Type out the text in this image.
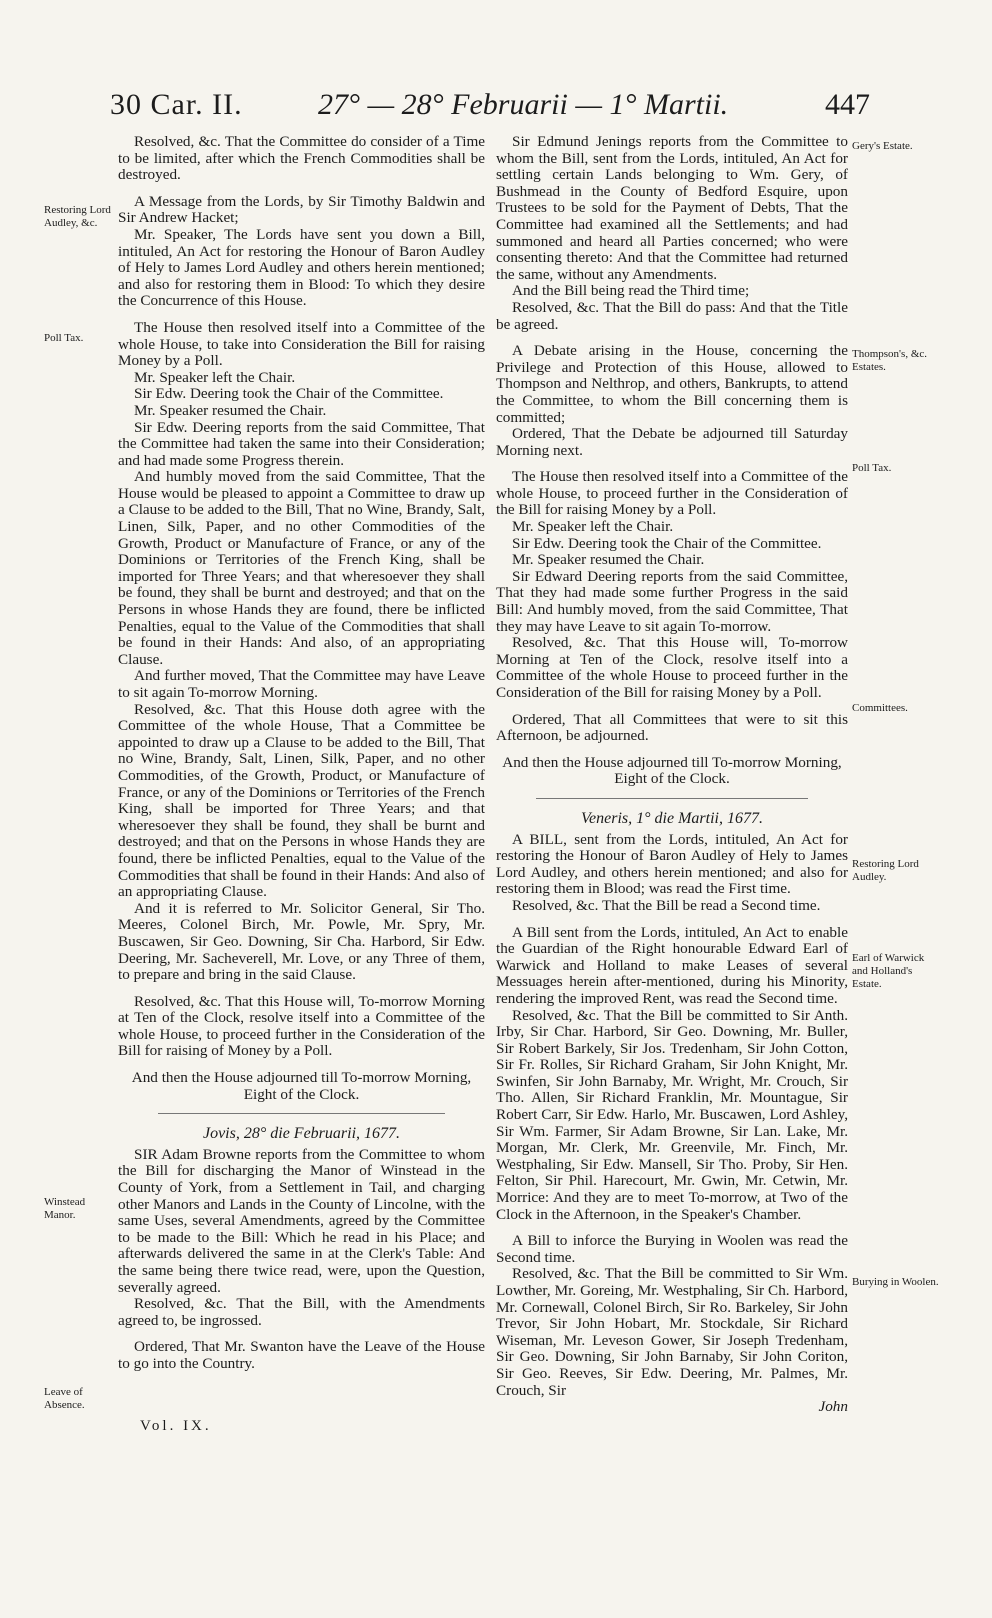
30 Car. II.	27° — 28° Februarii — 1° Martii.	447
Restoring Lord Audley, &c.
Poll Tax.
Winstead Manor.
Leave of Absence.
Gery's Estate.
Thompson's, &c. Estates.
Poll Tax.
Committees.
Restoring Lord Audley.
Earl of Warwick and Holland's Estate.
Burying in Woolen.

Resolved, &c. That the Committee do consider of a Time to be limited, after which the French Commodities shall be destroyed.

A Message from the Lords, by Sir Timothy Baldwin and Sir Andrew Hacket;

Mr. Speaker, The Lords have sent you down a Bill, intituled, An Act for restoring the Honour of Baron Audley of Hely to James Lord Audley and others herein mentioned; and also for restoring them in Blood: To which they desire the Concurrence of this House.

The House then resolved itself into a Committee of the whole House, to take into Consideration the Bill for raising Money by a Poll.

Mr. Speaker left the Chair.

Sir Edw. Deering took the Chair of the Committee.

Mr. Speaker resumed the Chair.

Sir Edw. Deering reports from the said Committee, That the Committee had taken the same into their Consideration; and had made some Progress therein.

And humbly moved from the said Committee, That the House would be pleased to appoint a Committee to draw up a Clause to be added to the Bill, That no Wine, Brandy, Salt, Linen, Silk, Paper, and no other Commodities of the Growth, Product or Manufacture of France, or any of the Dominions or Territories of the French King, shall be imported for Three Years; and that wheresoever they shall be found, they shall be burnt and destroyed; and that on the Persons in whose Hands they are found, there be inflicted Penalties, equal to the Value of the Commodities that shall be found in their Hands: And also, of an appropriating Clause.

And further moved, That the Committee may have Leave to sit again To-morrow Morning.

Resolved, &c. That this House doth agree with the Committee of the whole House, That a Committee be appointed to draw up a Clause to be added to the Bill, That no Wine, Brandy, Salt, Linen, Silk, Paper, and no other Commodities, of the Growth, Product, or Manufacture of France, or any of the Dominions or Territories of the French King, shall be imported for Three Years; and that wheresoever they shall be found, they shall be burnt and destroyed; and that on the Persons in whose Hands they are found, there be inflicted Penalties, equal to the Value of the Commodities that shall be found in their Hands: And also of an appropriating Clause.

And it is referred to Mr. Solicitor General, Sir Tho. Meeres, Colonel Birch, Mr. Powle, Mr. Spry, Mr. Buscawen, Sir Geo. Downing, Sir Cha. Harbord, Sir Edw. Deering, Mr. Sacheverell, Mr. Love, or any Three of them, to prepare and bring in the said Clause.

Resolved, &c. That this House will, To-morrow Morning at Ten of the Clock, resolve itself into a Committee of the whole House, to proceed further in the Consideration of the Bill for raising of Money by a Poll.

And then the House adjourned till To-morrow Morning, Eight of the Clock.

Jovis, 28° die Februarii, 1677.

SIR Adam Browne reports from the Committee to whom the Bill for discharging the Manor of Winstead in the County of York, from a Settlement in Tail, and charging other Manors and Lands in the County of Lincolne, with the same Uses, several Amendments, agreed by the Committee to be made to the Bill: Which he read in his Place; and afterwards delivered the same in at the Clerk's Table: And the same being there twice read, were, upon the Question, severally agreed.

Resolved, &c. That the Bill, with the Amendments agreed to, be ingrossed.

Ordered, That Mr. Swanton have the Leave of the House to go into the Country.

Sir Edmund Jenings reports from the Committee to whom the Bill, sent from the Lords, intituled, An Act for settling certain Lands belonging to Wm. Gery, of Bushmead in the County of Bedford Esquire, upon Trustees to be sold for the Payment of Debts, That the Committee had examined all the Settlements; and had summoned and heard all Parties concerned; who were consenting thereto: And that the Committee had returned the same, without any Amendments.

And the Bill being read the Third time;

Resolved, &c. That the Bill do pass: And that the Title be agreed.

A Debate arising in the House, concerning the Privilege and Protection of this House, allowed to Thompson and Nelthrop, and others, Bankrupts, to attend the Committee, to whom the Bill concerning them is committed;

Ordered, That the Debate be adjourned till Saturday Morning next.

The House then resolved itself into a Committee of the whole House, to proceed further in the Consideration of the Bill for raising Money by a Poll.

Mr. Speaker left the Chair.

Sir Edw. Deering took the Chair of the Committee.

Mr. Speaker resumed the Chair.

Sir Edward Deering reports from the said Committee, That they had made some further Progress in the said Bill: And humbly moved, from the said Committee, That they may have Leave to sit again To-morrow.

Resolved, &c. That this House will, To-morrow Morning at Ten of the Clock, resolve itself into a Committee of the whole House to proceed further in the Consideration of the Bill for raising Money by a Poll.

Ordered, That all Committees that were to sit this Afternoon, be adjourned.

And then the House adjourned till To-morrow Morning, Eight of the Clock.

Veneris, 1° die Martii, 1677.

A BILL, sent from the Lords, intituled, An Act for restoring the Honour of Baron Audley of Hely to James Lord Audley, and others herein mentioned; and also for restoring them in Blood; was read the First time.

Resolved, &c. That the Bill be read a Second time.

A Bill sent from the Lords, intituled, An Act to enable the Guardian of the Right honourable Edward Earl of Warwick and Holland to make Leases of several Messuages herein after-mentioned, during his Minority, rendering the improved Rent, was read the Second time.

Resolved, &c. That the Bill be committed to Sir Anth. Irby, Sir Char. Harbord, Sir Geo. Downing, Mr. Buller, Sir Robert Barkely, Sir Jos. Tredenham, Sir John Cotton, Sir Fr. Rolles, Sir Richard Graham, Sir John Knight, Mr. Swinfen, Sir John Barnaby, Mr. Wright, Mr. Crouch, Sir Tho. Allen, Sir Richard Franklin, Mr. Mountague, Sir Robert Carr, Sir Edw. Harlo, Mr. Buscawen, Lord Ashley, Sir Wm. Farmer, Sir Adam Browne, Sir Lan. Lake, Mr. Morgan, Mr. Clerk, Mr. Greenvile, Mr. Finch, Mr. Westphaling, Sir Edw. Mansell, Sir Tho. Proby, Sir Hen. Felton, Sir Phil. Harecourt, Mr. Gwin, Mr. Cetwin, Mr. Morrice: And they are to meet To-morrow, at Two of the Clock in the Afternoon, in the Speaker's Chamber.

A Bill to inforce the Burying in Woolen was read the Second time.

Resolved, &c. That the Bill be committed to Sir Wm. Lowther, Mr. Goreing, Mr. Westphaling, Sir Ch. Harbord, Mr. Cornewall, Colonel Birch, Sir Ro. Barkeley, Sir John Trevor, Sir John Hobart, Mr. Stockdale, Sir Richard Wiseman, Mr. Leveson Gower, Sir Joseph Tredenham, Sir Geo. Downing, Sir John Barnaby, Sir John Coriton, Sir Geo. Reeves, Sir Edw. Deering, Mr. Palmes, Mr. Crouch, Sir

John

Vol. IX.
